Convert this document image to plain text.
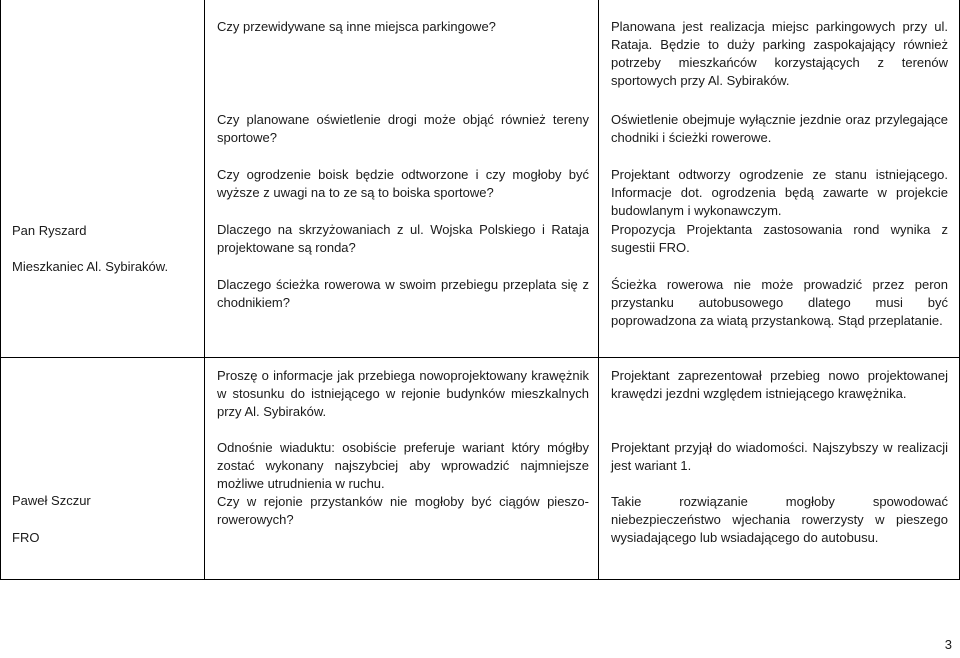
Pan Ryszard
Mieszkaniec Al. Sybiraków.
Czy przewidywane są inne miejsca parkingowe?
Czy planowane oświetlenie drogi może objąć również tereny sportowe?
Czy ogrodzenie boisk będzie odtworzone i czy mogłoby być wyższe z uwagi na to ze są to boiska sportowe?
Dlaczego na skrzyżowaniach z ul. Wojska Polskiego i Rataja projektowane są ronda?
Dlaczego ścieżka rowerowa w swoim przebiegu przeplata się z chodnikiem?
Planowana jest realizacja miejsc parkingowych przy ul. Rataja. Będzie to duży parking zaspokajający również potrzeby mieszkańców korzystających z terenów sportowych przy Al. Sybiraków.
Oświetlenie obejmuje wyłącznie jezdnie oraz przylegające chodniki i ścieżki rowerowe.
Projektant odtworzy ogrodzenie ze stanu istniejącego. Informacje dot. ogrodzenia będą zawarte w projekcie budowlanym i wykonawczym.
Propozycja Projektanta zastosowania rond wynika z sugestii FRO.
Ścieżka rowerowa nie może prowadzić przez peron przystanku autobusowego dlatego musi być poprowadzona za wiatą przystankową. Stąd przeplatanie.
Paweł Szczur
FRO
Proszę o informacje jak przebiega nowoprojektowany krawężnik w stosunku do istniejącego w rejonie budynków mieszkalnych przy Al. Sybiraków.
Odnośnie wiaduktu: osobiście preferuje wariant który mógłby zostać wykonany najszybciej aby wprowadzić najmniejsze możliwe utrudnienia w ruchu.
Czy w rejonie przystanków nie mogłoby być ciągów pieszo-rowerowych?
Projektant zaprezentował przebieg nowo projektowanej krawędzi jezdni względem istniejącego krawężnika.
Projektant przyjął do wiadomości. Najszybszy w realizacji jest wariant 1.
Takie rozwiązanie mogłoby spowodować niebezpieczeństwo wjechania rowerzysty w pieszego wysiadającego lub wsiadającego do autobusu.
3
